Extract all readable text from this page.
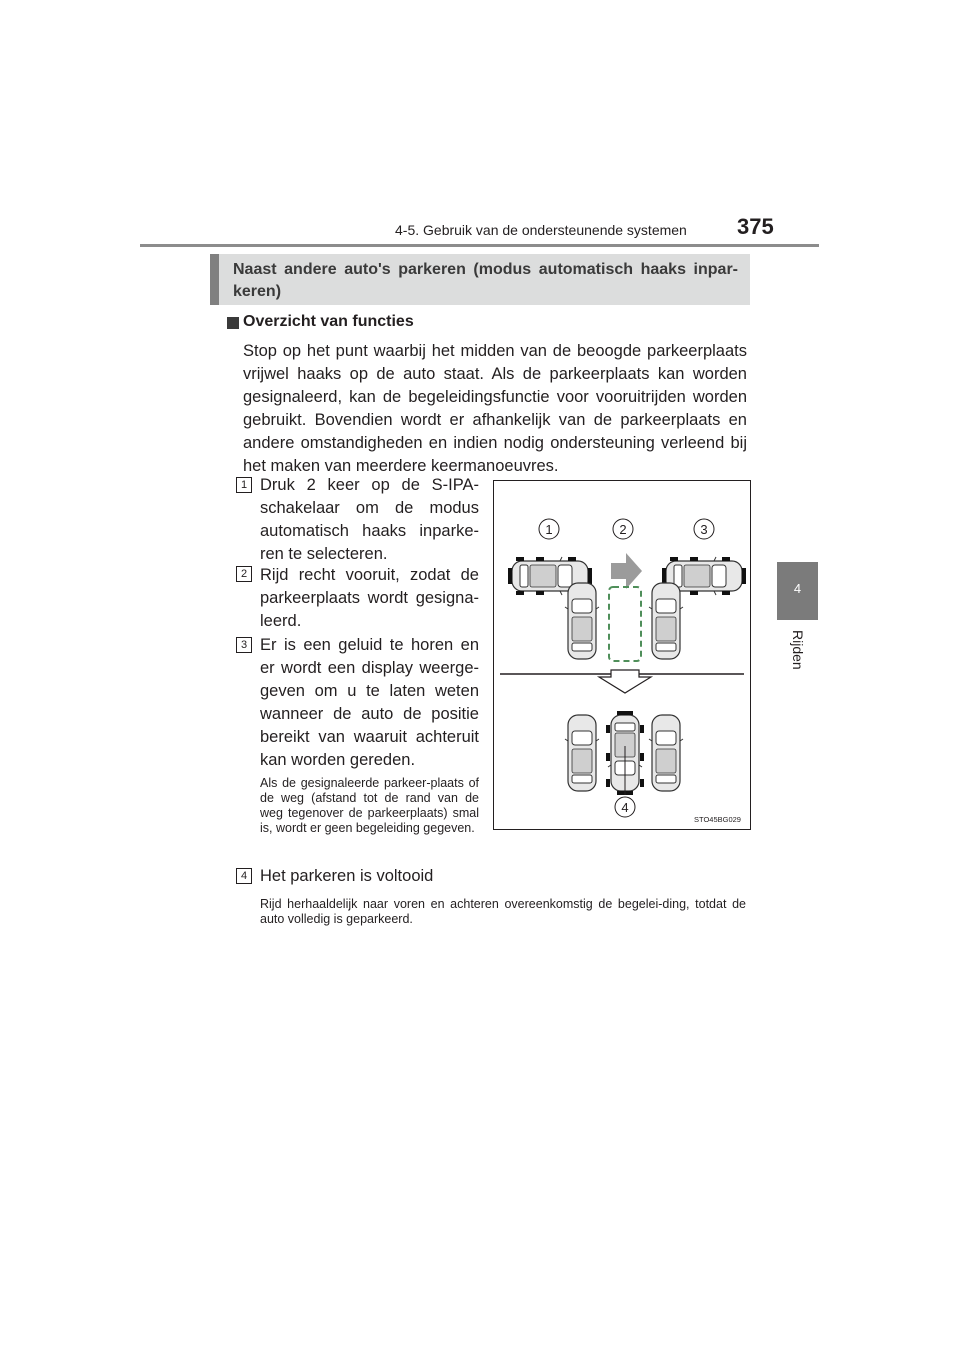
4-5. Gebruik van de ondersteunende systemen 375
4
Rijden
Naast andere auto's parkeren (modus automatisch haaks inpar-keren)
Overzicht van functies
Stop op het punt waarbij het midden van de beoogde parkeerplaats vrijwel haaks op de auto staat. Als de parkeerplaats kan worden gesignaleerd, kan de begeleidingsfunctie voor vooruitrijden worden gebruikt. Bovendien wordt er afhankelijk van de parkeerplaats en andere omstandigheden en indien nodig ondersteuning verleend bij het maken van meerdere keermanoeuvres.
1 Druk 2 keer op de S-IPA-schakelaar om de modus automatisch haaks inparke-ren te selecteren.
2 Rijd recht vooruit, zodat de parkeerplaats wordt gesigna-leerd.
3 Er is een geluid te horen en er wordt een display weerge-geven om u te laten weten wanneer de auto de positie bereikt van waaruit achteruit kan worden gereden.
Als de gesignaleerde parkeer-plaats of de weg (afstand tot de rand van de weg tegenover de parkeerplaats) smal is, wordt er geen begeleiding gegeven.
4 Het parkeren is voltooid
Rijd herhaaldelijk naar voren en achteren overeenkomstig de begelei-ding, totdat de auto volledig is geparkeerd.
1	2	3
4
STO45BG029
